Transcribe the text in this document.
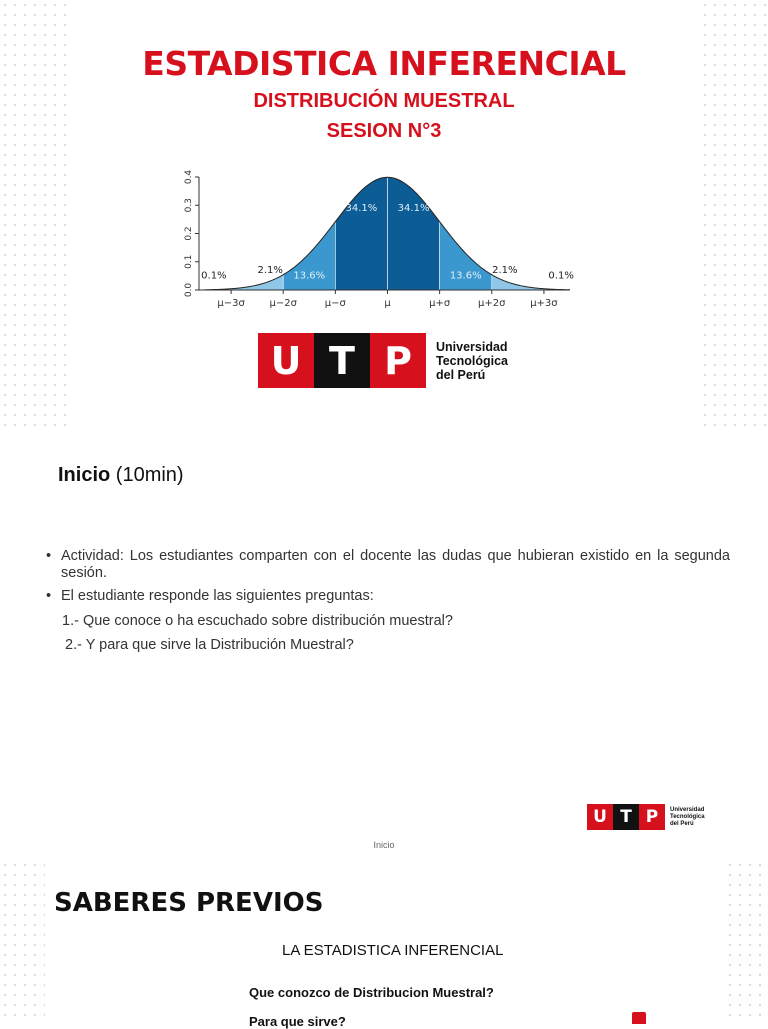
ESTADISTICA INFERENCIAL
DISTRIBUCIÓN MUESTRAL
SESION N°3
0.0
0.1
0.2
0.3
0.4
μ−3σ μ−2σ	μ−σ	μ	μ+σ	μ+2σ μ+3σ
2.1%
13.6%
34.1% 34.1%
13.6%
2.1%
0.1%	0.1%
U T P	Universidad
Tecnológica
del Perú
Inicio (10min)
• Actividad: Los estudiantes comparten con el docente las dudas que hubieran existido en la segunda sesión.
• El estudiante responde las siguientes preguntas:
1.- Que conoce o ha escuchado sobre distribución muestral?
2.- Y para que sirve la Distribución Muestral?
U T P	Universidad
Tecnológica
del Perú
Inicio
SABERES PREVIOS
LA ESTADISTICA INFERENCIAL
Que conozco de Distribucion Muestral?
Para que sirve?
